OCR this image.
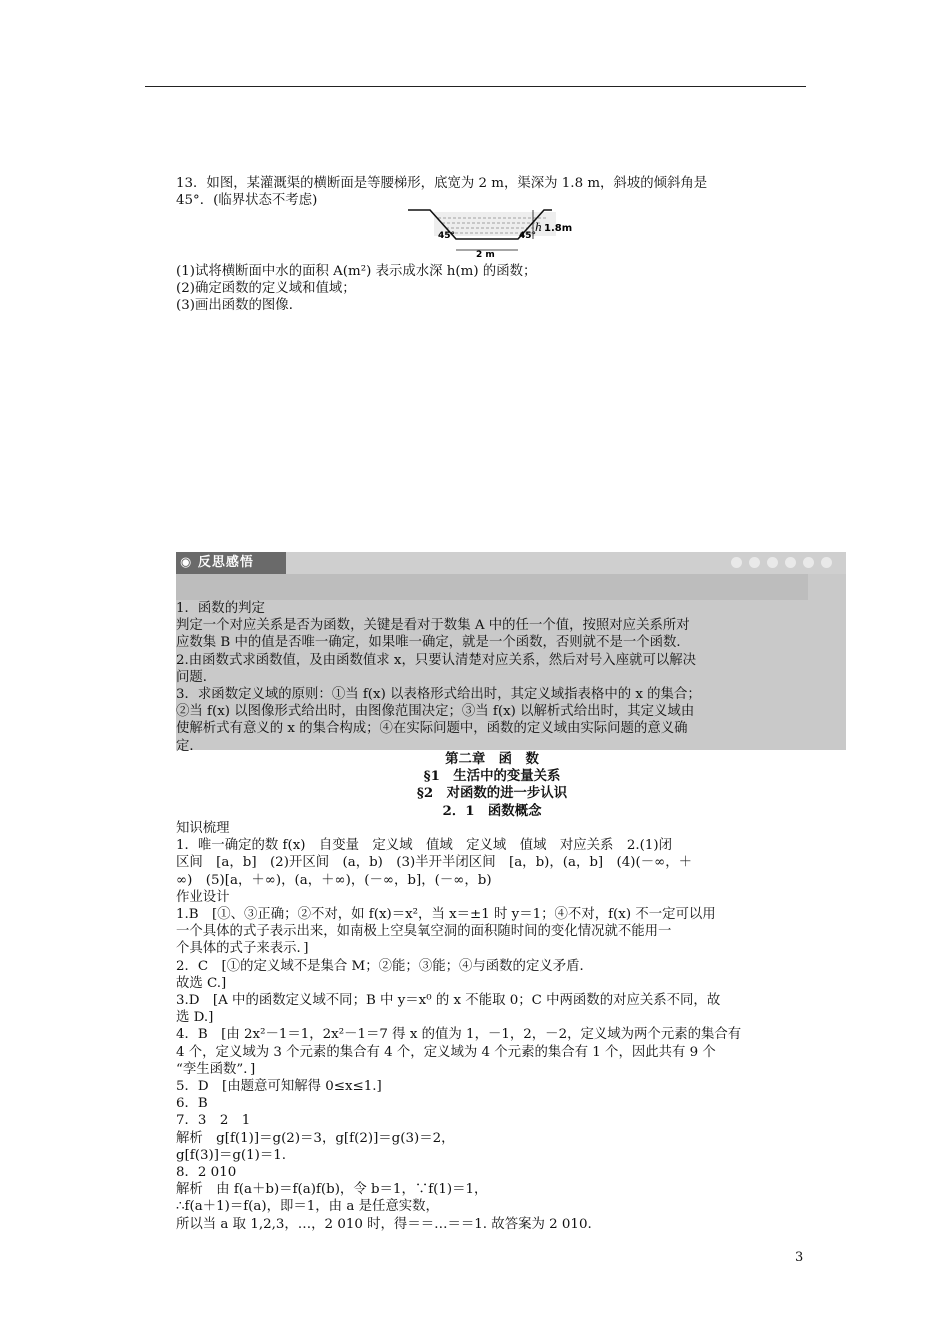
13．如图，某灌溉渠的横断面是等腰梯形，底宽为 2 m，渠深为 1.8 m，斜坡的倾斜角是

45°．(临界状态不考虑)

h 1.8m
45°	45°
2 m

(1)试将横断面中水的面积 A(m²) 表示成水深 h(m) 的函数；

(2)确定函数的定义域和值域；

(3)画出函数的图像．

◉ 反思感悟

1．函数的判定

判定一个对应关系是否为函数，关键是看对于数集 A 中的任一个值，按照对应关系所对

应数集 B 中的值是否唯一确定，如果唯一确定，就是一个函数，否则就不是一个函数．

2.由函数式求函数值，及由函数值求 x，只要认清楚对应关系，然后对号入座就可以解决

问题．

3．求函数定义域的原则：①当 f(x) 以表格形式给出时，其定义域指表格中的 x 的集合；

②当 f(x) 以图像形式给出时，由图像范围决定；③当 f(x) 以解析式给出时，其定义域由

使解析式有意义的 x 的集合构成；④在实际问题中，函数的定义域由实际问题的意义确

定．

第二章　函　数

§1　生活中的变量关系

§2　对函数的进一步认识

2．1　函数概念

知识梳理

1．唯一确定的数 f(x)　自变量　定义域　值域　定义域　值域　对应关系　2.(1)闭

区间　[a，b]　(2)开区间　(a，b)　(3)半开半闭区间　[a，b)，(a，b]　(4)(－∞，＋

∞)　(5)[a，＋∞)，(a，＋∞)，(－∞，b]，(－∞，b)

作业设计

1.B　[①、③正确；②不对，如 f(x)＝x²，当 x＝±1 时 y＝1；④不对，f(x) 不一定可以用

一个具体的式子表示出来，如南极上空臭氧空洞的面积随时间的变化情况就不能用一

个具体的式子来表示．]

2．C　[①的定义域不是集合 M；②能；③能；④与函数的定义矛盾．

故选 C.]

3.D　[A 中的函数定义域不同；B 中 y＝x⁰ 的 x 不能取 0；C 中两函数的对应关系不同，故

选 D.]

4．B　[由 2x²－1＝1，2x²－1＝7 得 x 的值为 1，－1，2，－2，定义域为两个元素的集合有

4 个，定义域为 3 个元素的集合有 4 个，定义域为 4 个元素的集合有 1 个，因此共有 9 个

“孪生函数”．]

5．D　[由题意可知解得 0≤x≤1.]

6．B

7．3　2　1

解析　g[f(1)]＝g(2)＝3，g[f(2)]＝g(3)＝2，

g[f(3)]＝g(1)＝1.

8．2 010

解析　由 f(a＋b)＝f(a)f(b)，令 b＝1，∵f(1)＝1，

∴f(a＋1)＝f(a)，即＝1，由 a 是任意实数，

所以当 a 取 1,2,3，…，2 010 时，得＝＝…＝＝1. 故答案为 2 010.

3
